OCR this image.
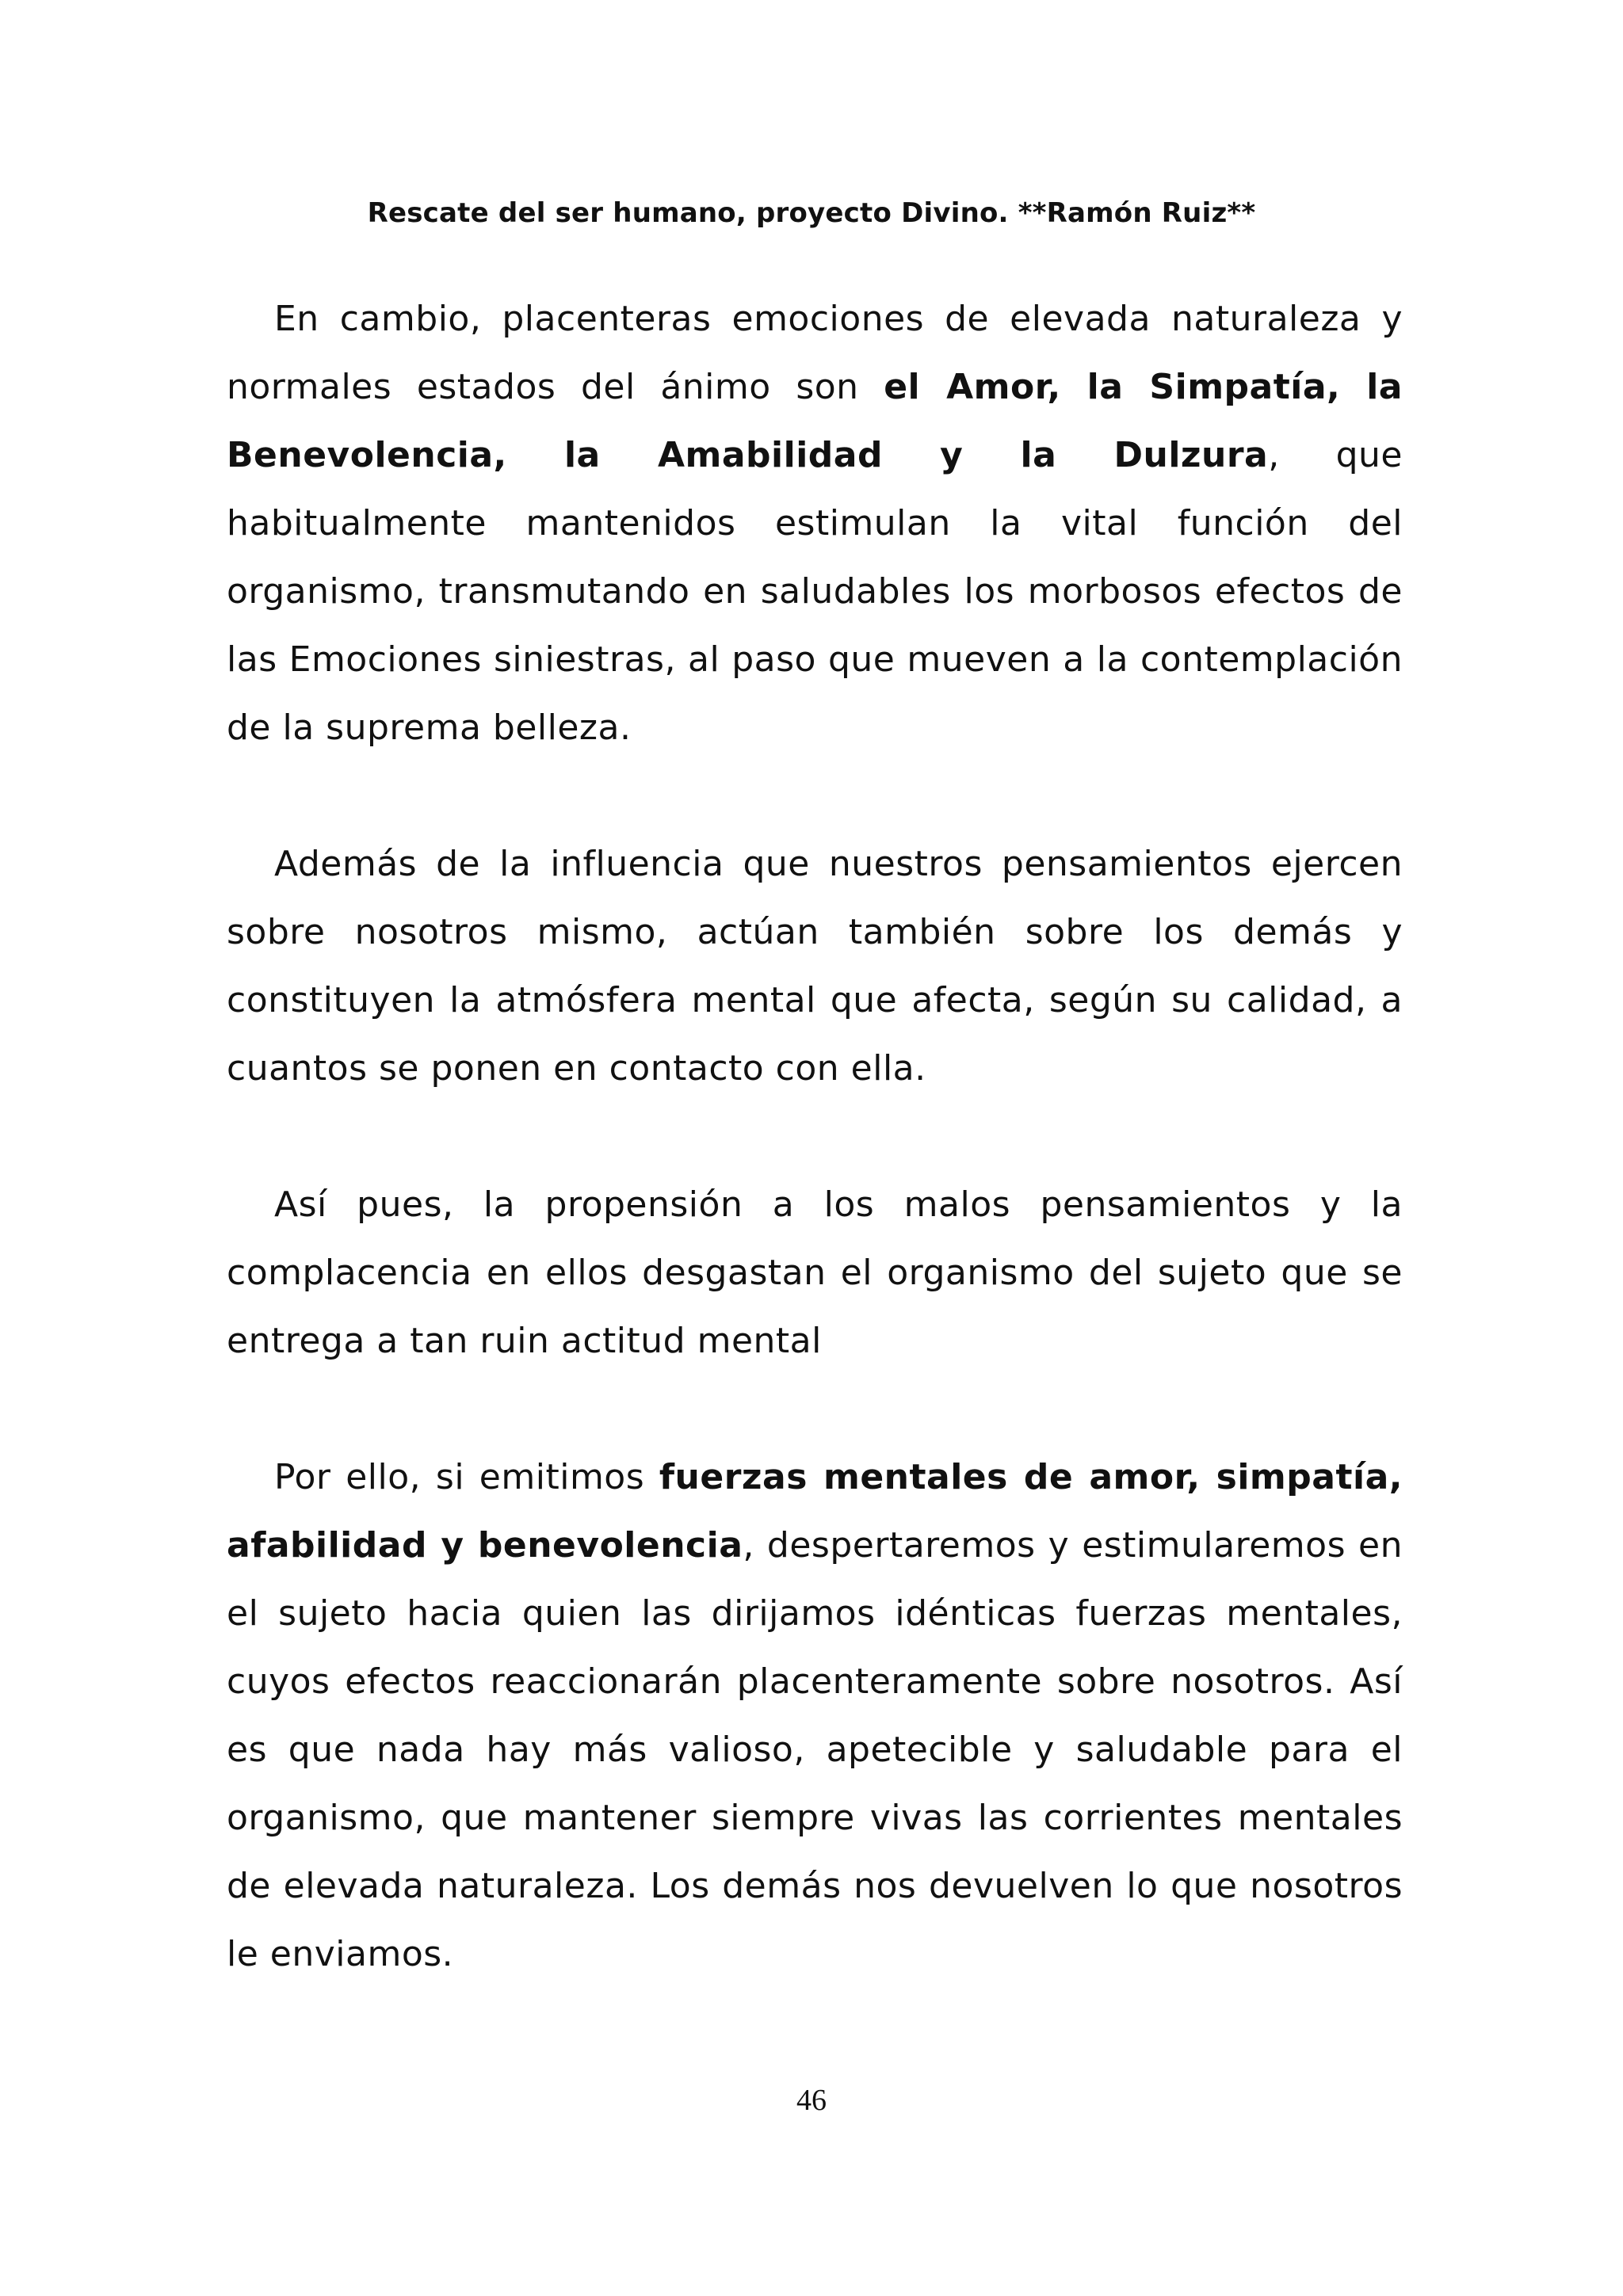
Rescate del ser humano, proyecto Divino. **Ramón Ruiz**

En cambio, placenteras emociones de elevada naturaleza y normales estados del ánimo son el Amor, la Simpatía, la Benevolencia, la Amabilidad y la Dulzura, que habitualmente mantenidos estimulan la vital función del organismo, transmutando en saludables los morbosos efectos de las Emociones siniestras, al paso que mueven a la contemplación de la suprema belleza.

Además de la influencia que nuestros pensamientos ejercen sobre nosotros mismo, actúan también sobre los demás y constituyen la atmósfera mental que afecta, según su calidad, a cuantos se ponen en contacto con ella.

Así pues, la propensión a los malos pensamientos y la complacencia en ellos desgastan el organismo del sujeto que se entrega a tan ruin actitud mental

Por ello, si emitimos fuerzas mentales de amor, simpatía, afabilidad y benevolencia, despertaremos y estimularemos en el sujeto hacia quien las dirijamos idénticas fuerzas mentales, cuyos efectos reaccionarán placenteramente sobre nosotros. Así es que nada hay más valioso, apetecible y saludable para el organismo, que mantener siempre vivas las corrientes mentales de elevada naturaleza. Los demás nos devuelven lo que nosotros le enviamos.

46
